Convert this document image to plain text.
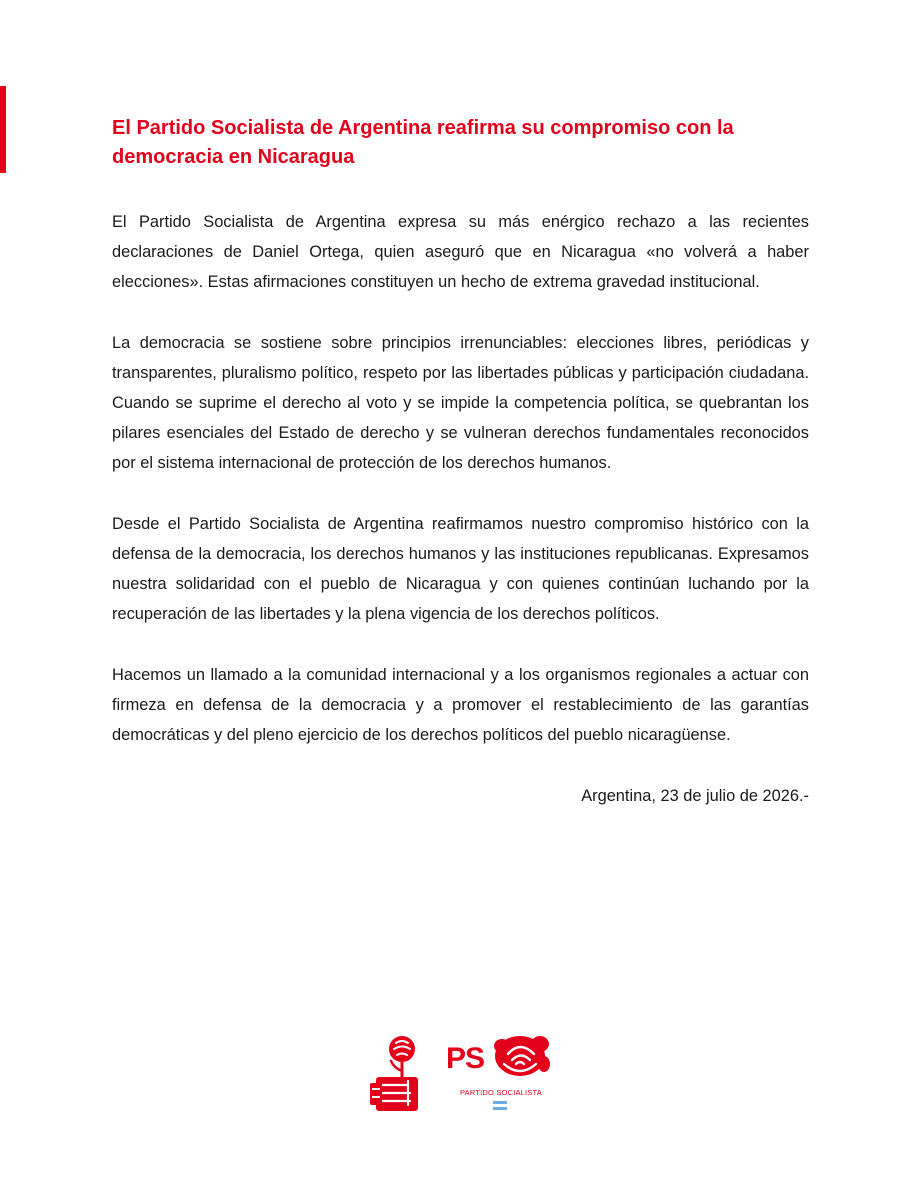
El Partido Socialista de Argentina reafirma su compromiso con la democracia en Nicaragua

El Partido Socialista de Argentina expresa su más enérgico rechazo a las recientes declaraciones de Daniel Ortega, quien aseguró que en Nicaragua «no volverá a haber elecciones». Estas afirmaciones constituyen un hecho de extrema gravedad institucional.

La democracia se sostiene sobre principios irrenunciables: elecciones libres, periódicas y transparentes, pluralismo político, respeto por las libertades públicas y participación ciudadana. Cuando se suprime el derecho al voto y se impide la competencia política, se quebrantan los pilares esenciales del Estado de derecho y se vulneran derechos fundamentales reconocidos por el sistema internacional de protección de los derechos humanos.

Desde el Partido Socialista de Argentina reafirmamos nuestro compromiso histórico con la defensa de la democracia, los derechos humanos y las instituciones republicanas. Expresamos nuestra solidaridad con el pueblo de Nicaragua y con quienes continúan luchando por la recuperación de las libertades y la plena vigencia de los derechos políticos.

Hacemos un llamado a la comunidad internacional y a los organismos regionales a actuar con firmeza en defensa de la democracia y a promover el restablecimiento de las garantías democráticas y del pleno ejercicio de los derechos políticos del pueblo nicaragüense.

Argentina, 23 de julio de 2026.-
PS
PARTIDO SOCIALISTA
